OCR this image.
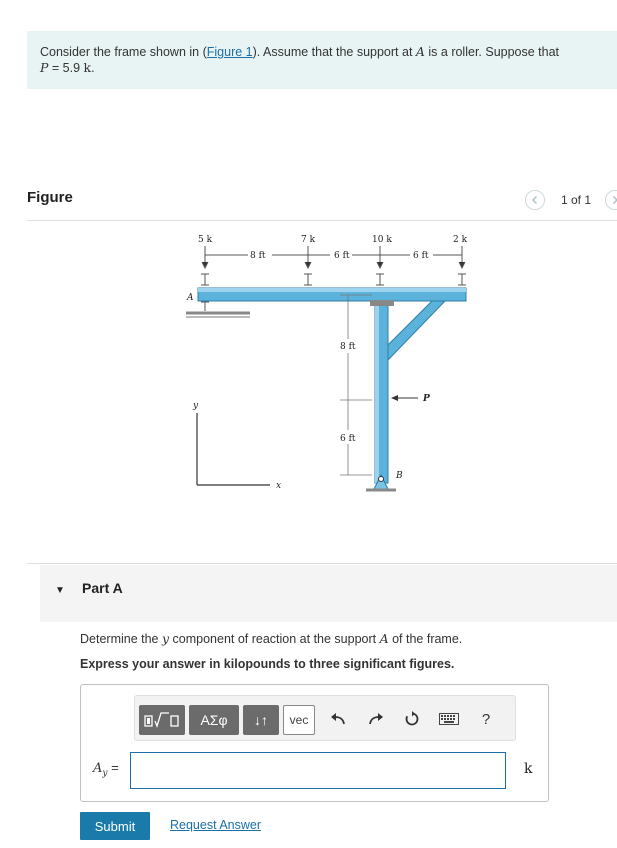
Consider the frame shown in (Figure 1). Assume that the support at A is a roller. Suppose that
P = 5.9 k.
Figure	1 of 1
5 k	7 k	10 k	2 k
8 ft	6 ft	6 ft
8 ft
6 ft
A
B
P
y
x
▼ Part A
Determine the y component of reaction at the support A of the frame.
Express your answer in kilopounds to three significant figures.
ΑΣφ	↓↑	vec	?
$A_y$ =	k
Submit	Request Answer
